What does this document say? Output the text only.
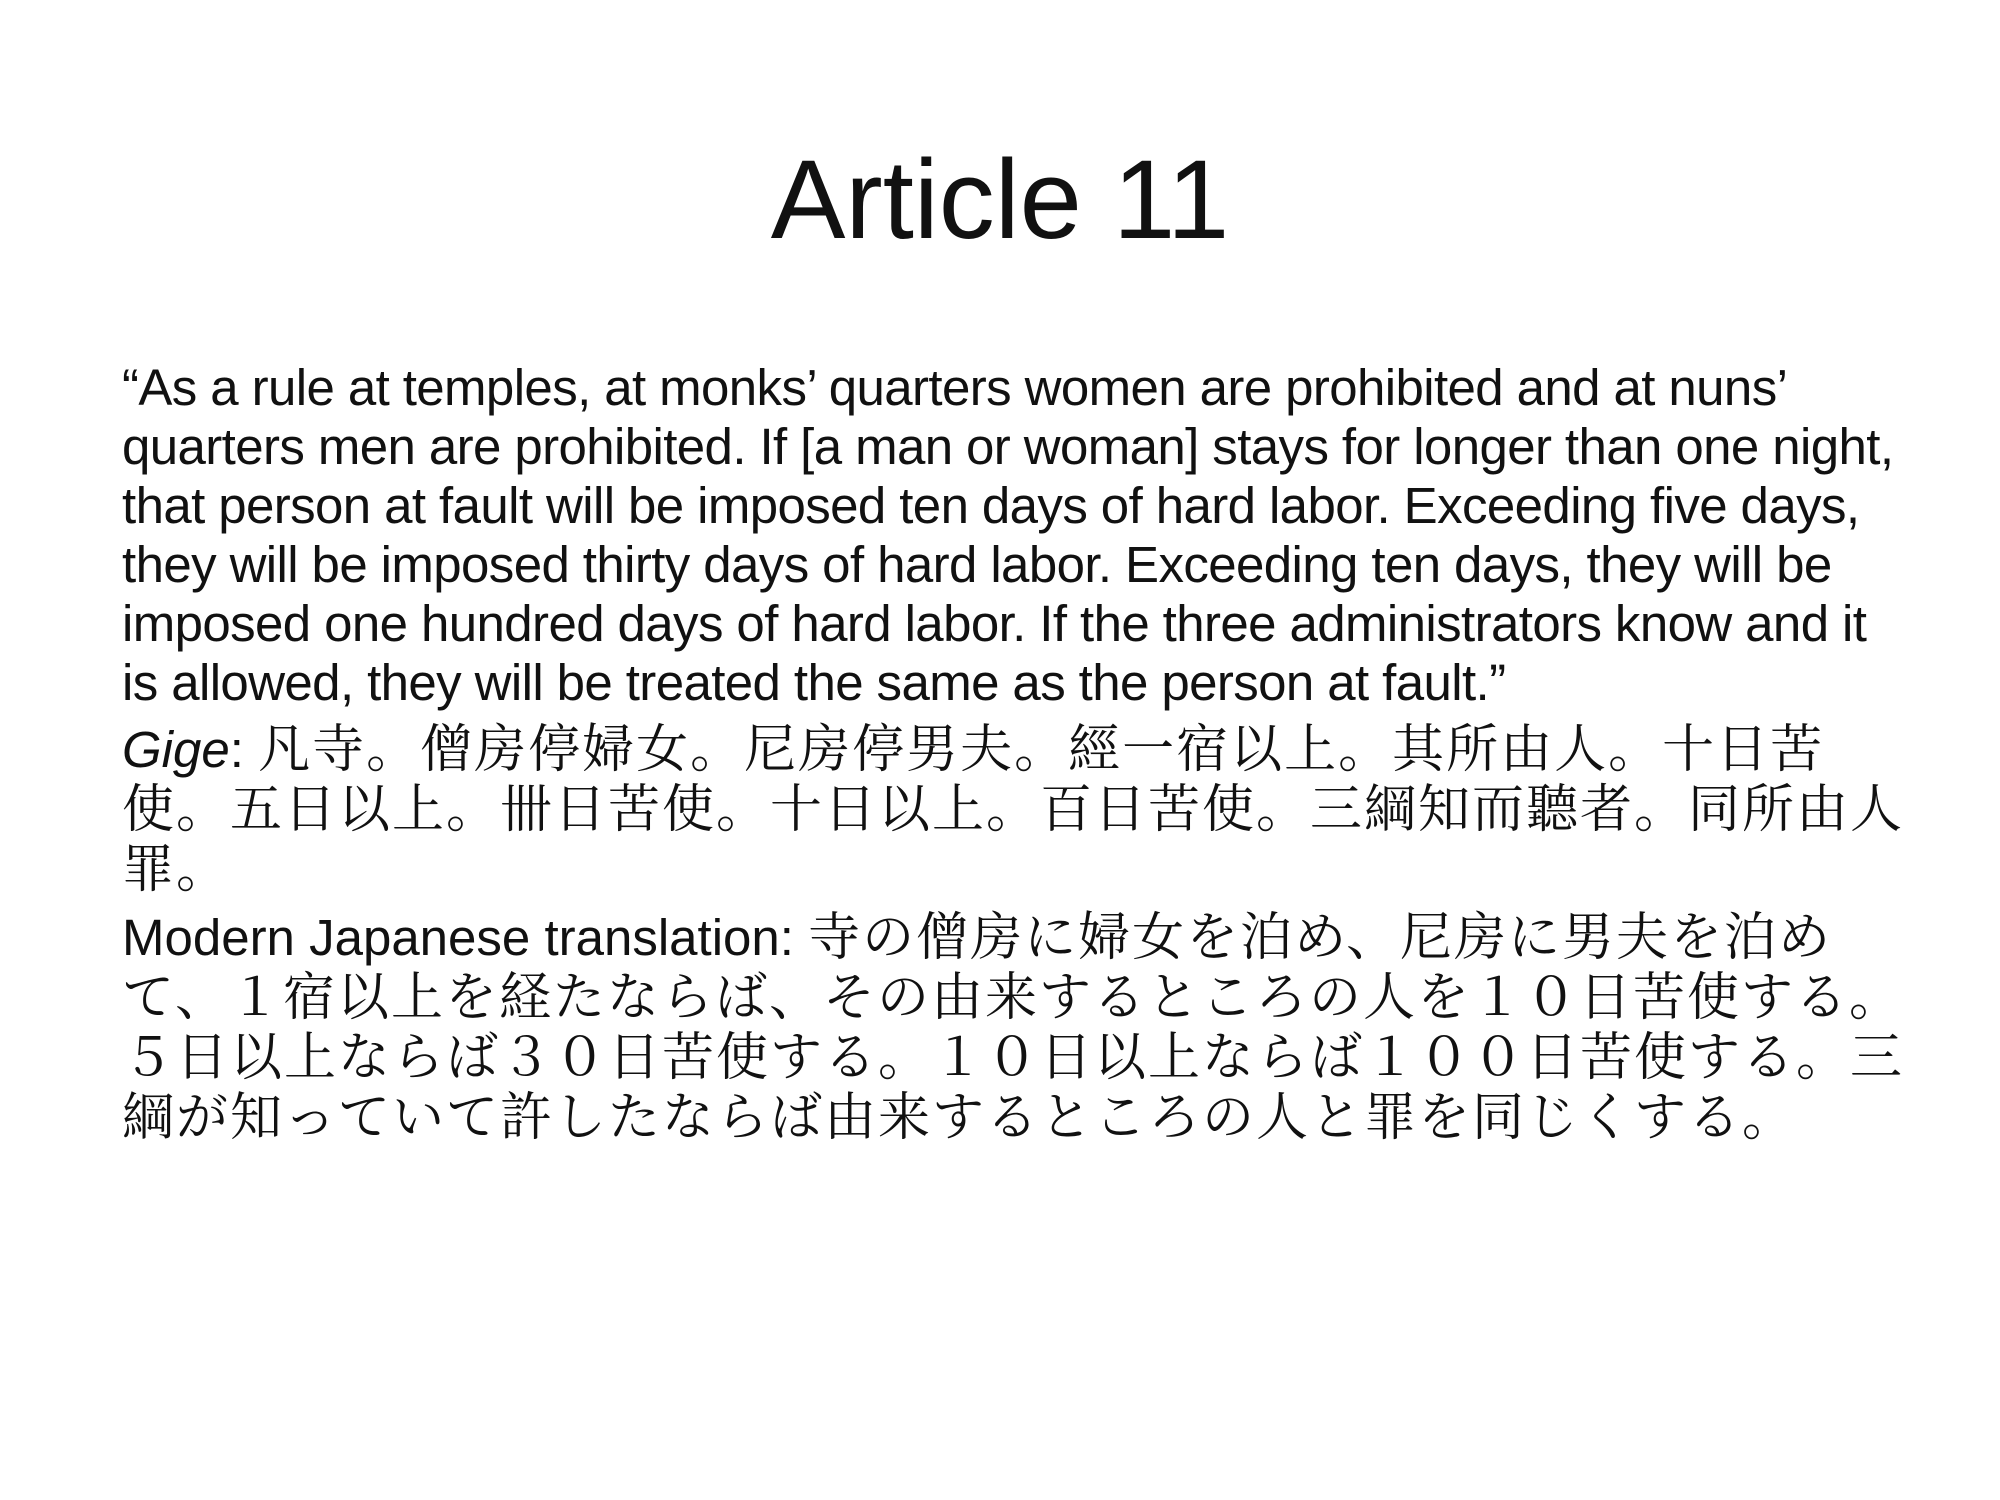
Article 11

“As a rule at temples, at monks’ quarters women are prohibited and at nuns’ quarters men are prohibited. If [a man or woman] stays for longer than one night, that person at fault will be imposed ten days of hard labor. Exceeding five days, they will be imposed thirty days of hard labor. Exceeding ten days, they will be imposed one hundred days of hard labor. If the three administrators know and it is allowed, they will be treated the same as the person at fault.”

Gige: 凡寺。僧房停婦女。尼房停男夫。經一宿以上。其所由人。十日苦使。五日以上。卌日苦使。十日以上。百日苦使。三綱知而聽者。同所由人罪。

Modern Japanese translation: 寺の僧房に婦女を泊め、尼房に男夫を泊めて、１宿以上を経たならば、その由来するところの人を１０日苦使する。５日以上ならば３０日苦使する。１０日以上ならば１００日苦使する。三綱が知っていて許したならば由来するところの人と罪を同じくする。
